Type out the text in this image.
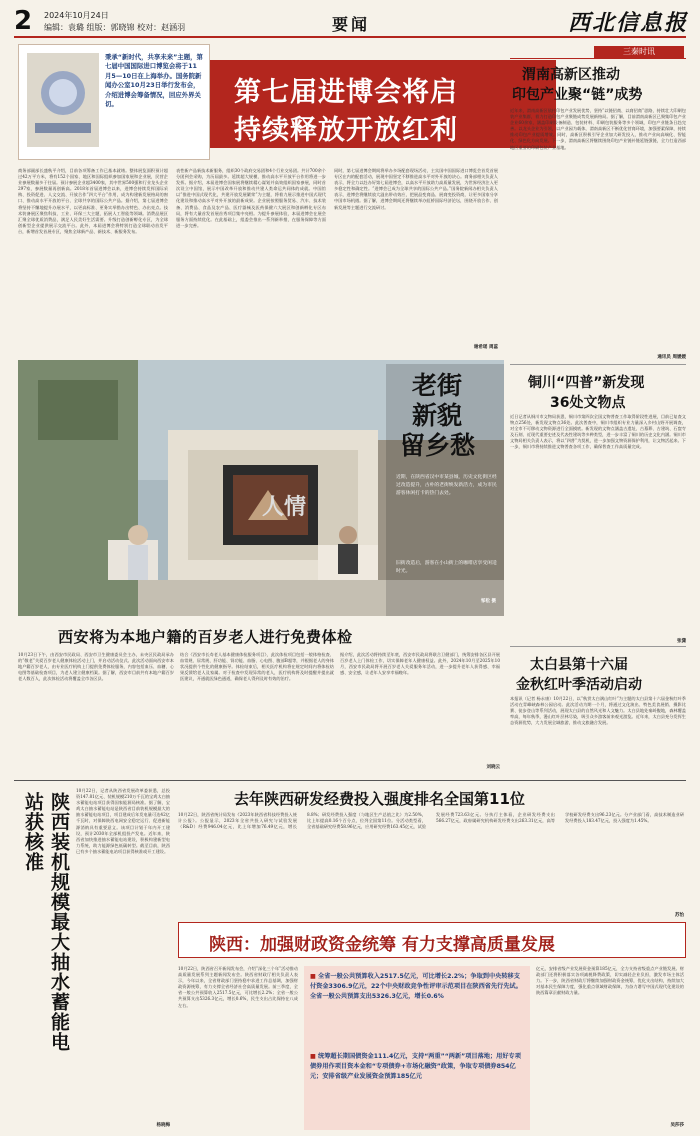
2 2024年10月24日
编辑：袁璐 组版：郭晓锦 校对：赵涵羽	要闻	西北信息报
秉承“新时代，共享未来”主题，第七届中国国际进口博览会将于11月5—10日在上海举办。国务院新闻办公室10月23日举行发布会，介绍进博会筹备情况，回应外界关切。	第七届进博会将启
持续释放开放红利
商务部副部长盛秋平介绍，目前各项筹备工作已基本就绪。整体展览面积预计超过42万平方米，将有152个国家、地区和国际组织参加国家展和企业展，民营企业参展数量多于往届。预计参展企业超3400家，其中世界500强和行业龙头企业297家，参展数量再创新高。2018年首届进博会以来，进博会持续发挥国际采购、投资促进、人文交流、开放合作“四大平台”作用，成为构建新发展格局的窗口、推动高水平开放的平台、全球共享的国际公共产品。据介绍，第七届进博会将坚持不懈地提升办展水平，以更高标准、更务实举措办出特色、办出亮点。技术装备展区聚焦科技、工业、环保三大主题，拓展人工智能等领域。消费品展区汇聚全球优质消费品，满足人民美好生活需要。升级打造创新孵化专区，为全球创新型企业提供展示交流平台。此外，本届进博会将特别打造全球联动首发平台，新增首发首展专区，聚焦全球新产品、新技术、新服务发布。
表性新产品新技术新服务，组织30个政府交易团和4个行业交易团。共计700余个分团到会采购，为历届最多。延续超大规模、推动高水平开放平台作用将进一步发挥。据介绍，本届进博会国家展将继续精心谋划并高效组织国家参展，同时首次设立中国馆，展示中国改革开放和推动共建人类命运共同体的成就。中国馆以“推进中国式现代化，共建开放发展繁荣”为主题，将着力展示推进中国式现代化建设和推动高水平对外开放的最新成果。企业展按照服务贸易、汽车、技术装备、消费品、食品及农产品、医疗器械及医药保健六大展区和创新孵化专区布局，将有大量首发首展首秀项目集中亮相。为提升参展体验，本届进博会在展会服务方面持续优化。在此基础上，组委会推出一系列新举措，在服务保障等方面进一步完善。
同时，第七届进博会期间将举办多场配套现场活动，主宾国中国国际进口博览会首发首展专区在内的配套活动，展现中国坚定不移推进高水平对外开放的决心。商务部相关负责人表示，将全力以赴办好第七届进博会，以高水平开放助力高质量发展，为世界经济注入更多稳定性和确定性。“进博会已成为全球共享的国际公共产品。”国务院新闻办相关负责人表示，进博会将继续放大溢出带动效应，把展品变商品、展商变投资商，让更多国家分享中国市场机遇。据了解，进博会期间还将继续举办虹桥国际经济论坛，围绕开放合作、创新发展等主题进行交流研讨。
谢希瑶 周蕊
三秦时讯
渭南高新区推动
印包产业聚“链”成势
近年来，渭南高新区依托印包产业发展优势，坚持“以链招商、以商招商”思路，持续壮大印刷包装产业集群，着力打造印包产业聚链成势发展新格局。据了解，目前渭南高新区已聚集印包产业企业60余家，涵盖印刷设备制造、包装材料、印刷包装服务等多个领域，印包产业链条日趋完善。以龙头企业为引领，以产业园为载体，渭南高新区不断优化营商环境，加强要素保障，持续推动印包产业提质增效。同时，高新区积极引导企业加大研发投入，推动产业向高端化、智能化、绿色化方向发展。下一步，渭南高新区将继续围绕印包产业链补链延链强链，全力打造西部地区重要的印刷包装产业基地。
通讯员 周媛媛
铜川“四普”新发现
36处文物点
近日记者从铜川市文物局获悉，铜川市第四次全国文物普查工作取得阶段性进展，目前已复查文物点256处，新发现文物点36处。此次普查中，铜川市组织专业力量深入乡村山野开展调查，对全市不可移动文物资源进行全面摸底。新发现的文物点涵盖古遗址、古墓葬、古建筑、石窟寺及石刻、近现代重要史迹及代表性建筑等多种类型，进一步丰富了铜川的历史文化内涵。铜川市文物局相关负责人表示，将以“四普”为契机，进一步加强文物资源保护利用，让文物活起来。下一步，铜川市将持续推进文物普查各项工作，确保普查工作高质量完成。
张潇
太白县第十六届
金秋红叶季活动启动
本报讯（记者 杨永康）10月22日，以“秋赏太白满山红叶”为主题的太白县第十六届金秋红叶季活动在青峰峡森林公园启动。此次活动为期一个月，将通过文化演出、特色美食展销、摄影比赛、徒步登山等系列活动，展现太白县的自然风光和人文魅力。太白县地处秦岭腹地，森林覆盖率高，每年秋季，漫山红叶层林尽染，吸引众多游客前来观光游览。近年来，太白县充分发挥生态资源优势，大力发展全域旅游，推动文旅融合发展。
人情
老街
新貌
留乡愁
近期，在陕西省汉中市某县城，历史文化街区经过改造提升，古朴的老街焕发新活力，成为市民游客休闲打卡的热门去处。
旧街改造后，游客在小山街上的咖啡店享受闲适时光。
邹松 摄
西安将为本地户籍的百岁老人进行免费体检
10月23日下午，由西安市民政局、西安市卫生健康委员会主办，未央区民政局承办的“敬老”关爱百岁老人健康体检活动上门，并启动活动仪式。此次活动面向西安市本地户籍百岁老人，由专业医疗机构上门提供免费体检服务，内容包括血压、血糖、心电图等基础检查项目，为老人建立健康档案。据了解，西安市目前共有本地户籍百岁老人数百人，此次体检活动将覆盖全市各区县。
结合《西安市长寿老人基本健康体检服务项目》，此次体检项目包括一般体格检查、血常规、尿常规、肝功能、肾功能、血脂、心电图、腹部B超等，并根据老人的身体状况提供个性化的健康指导。体检结束后，相关医疗机构将在规定时间内将体检结果反馈给老人及家属。对于检查中发现异常的老人，医疗机构将及时提醒并提出就医建议，开通就医绿色通道，确保老人得到及时有效的治疗。
据介绍，此次活动将持续至年底，西安市民政局将联合卫健部门，统筹安排各区县开展百岁老人上门体检工作，切实保障老年人健康权益。此外，2024年10月至2025年10月，西安市民政局将开展百岁老人关爱服务年活动，进一步提升老年人获得感、幸福感、安全感，让老年人安享幸福晚年。
刘晓云
陕西装机规模最大抽水蓄能电站获核准
10月22日，记者从陕西省发展改革委获悉，总投资147.81亿元、装机规模210万千瓦的宝鸡太白抽水蓄能电站项目获得国家能源局核准。据了解，宝鸡太白抽水蓄能电站是陕西省目前装机规模最大的抽水蓄能电站项目，项目建成后年发电量可达42亿千瓦时，对保障陕西电网安全稳定运行、促进新能源消纳具有重要意义。该项目计划于年内开工建设，预计2030年全部机组投产发电。近年来，陕西省加快推进抽水蓄能电站建设，积极构建新型电力系统，助力能源绿色低碳转型。截至目前，陕西已有多个抽水蓄能电站项目获得核准或开工建设。
杨晓梅
去年陕西研发经费投入强度排名全国第11位
10月22日，陕西省统计局发布《2023年陕西省科技经费投入统计公报》。公报显示，2023年全省共投入研究与试验发展（R&D）经费946.04亿元，比上年增加76.49亿元，增长8.8%；研发经费投入强度（与地区生产总值之比）为2.50%，比上年提高0.16个百分点，位列全国第11位。分活动类型看，全省基础研究经费58.96亿元，应用研究经费163.45亿元，试验发展经费723.63亿元。分执行主体看，企业研发经费支出566.27亿元，政府属研究机构研发经费支出263.31亿元，高等学校研发经费支出96.23亿元。分产业部门看，高技术制造业研发经费投入183.47亿元，投入强度为1.45%。
苏怡
陕西：加强财政资金统筹 有力支撑高质量发展
10月22日，陕西省召开新闻发布会，介绍“深化三个年”活动推动高质量发展系列主题新闻发布会。陕西省财政厅相关负责人表示，今年以来，全省财政部门坚持稳中求进工作总基调，加强财政资源统筹，有力支撑全省经济社会高质量发展。前三季度，全省一般公共预算收入2517.5亿元，可比增长2.2%；全省一般公共预算支出5326.3亿元，增长0.6%，民生支出占比保持在八成左右。
■ 全省一般公共预算收入2517.5亿元，可比增长2.2%；争取到中央转移支付资金3306.9亿元，22个中央财政竞争性评审示范项目在陕西省先行先试。全省一般公共预算支出5326.3亿元，增长0.6%
■ 统筹超长期国债资金111.4亿元，支持“两重”“两新”项目落地；用好专项债券用作项目资本金和“专项债券+市场化融资”政策，争取专项债券854亿元；安排省级产业发展资金预算185亿元
亿元，安排省级产业发展资金预算185亿元，全力支持省级重点产业链发展。财政部门还将积极落实各项减税降费政策，切实减轻企业负担，激发市场主体活力。下一步，陕西省财政厅将继续加强财政资金统筹，优化支出结构，持续加大对基本民生保障力度，强化重点领域财政保障，为奋力谱写中国式现代化建设的陕西篇章贡献财政力量。
吴莎莎
